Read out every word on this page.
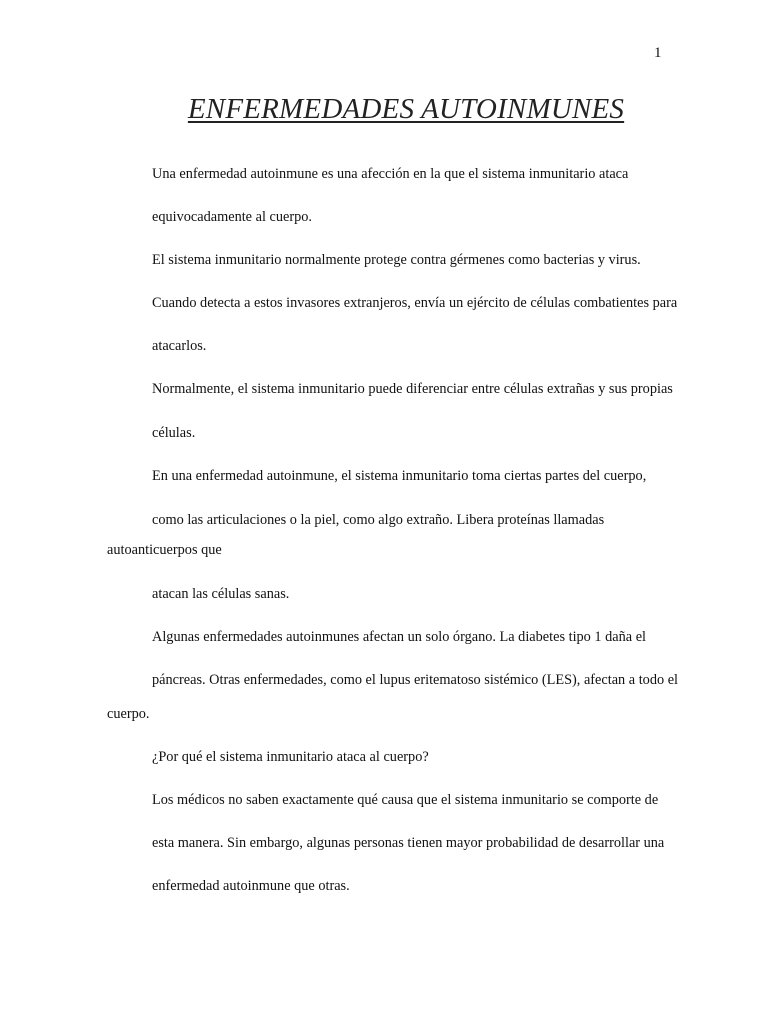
1
ENFERMEDADES AUTOINMUNES
Una enfermedad autoinmune es una afección en la que el sistema inmunitario ataca
equivocadamente al cuerpo.
El sistema inmunitario normalmente protege contra gérmenes como bacterias y virus.
Cuando detecta a estos invasores extranjeros, envía un ejército de células combatientes para
atacarlos.
Normalmente, el sistema inmunitario puede diferenciar entre células extrañas y sus propias
células.
En una enfermedad autoinmune, el sistema inmunitario toma ciertas partes del cuerpo,
como las articulaciones o la piel, como algo extraño. Libera proteínas llamadas
autoanticuerpos que
atacan las células sanas.
Algunas enfermedades autoinmunes afectan un solo órgano. La diabetes tipo 1 daña el
páncreas. Otras enfermedades, como el lupus eritematoso sistémico (LES), afectan a todo el
cuerpo.
¿Por qué el sistema inmunitario ataca al cuerpo?
Los médicos no saben exactamente qué causa que el sistema inmunitario se comporte de
esta manera. Sin embargo, algunas personas tienen mayor probabilidad de desarrollar una
enfermedad autoinmune que otras.
